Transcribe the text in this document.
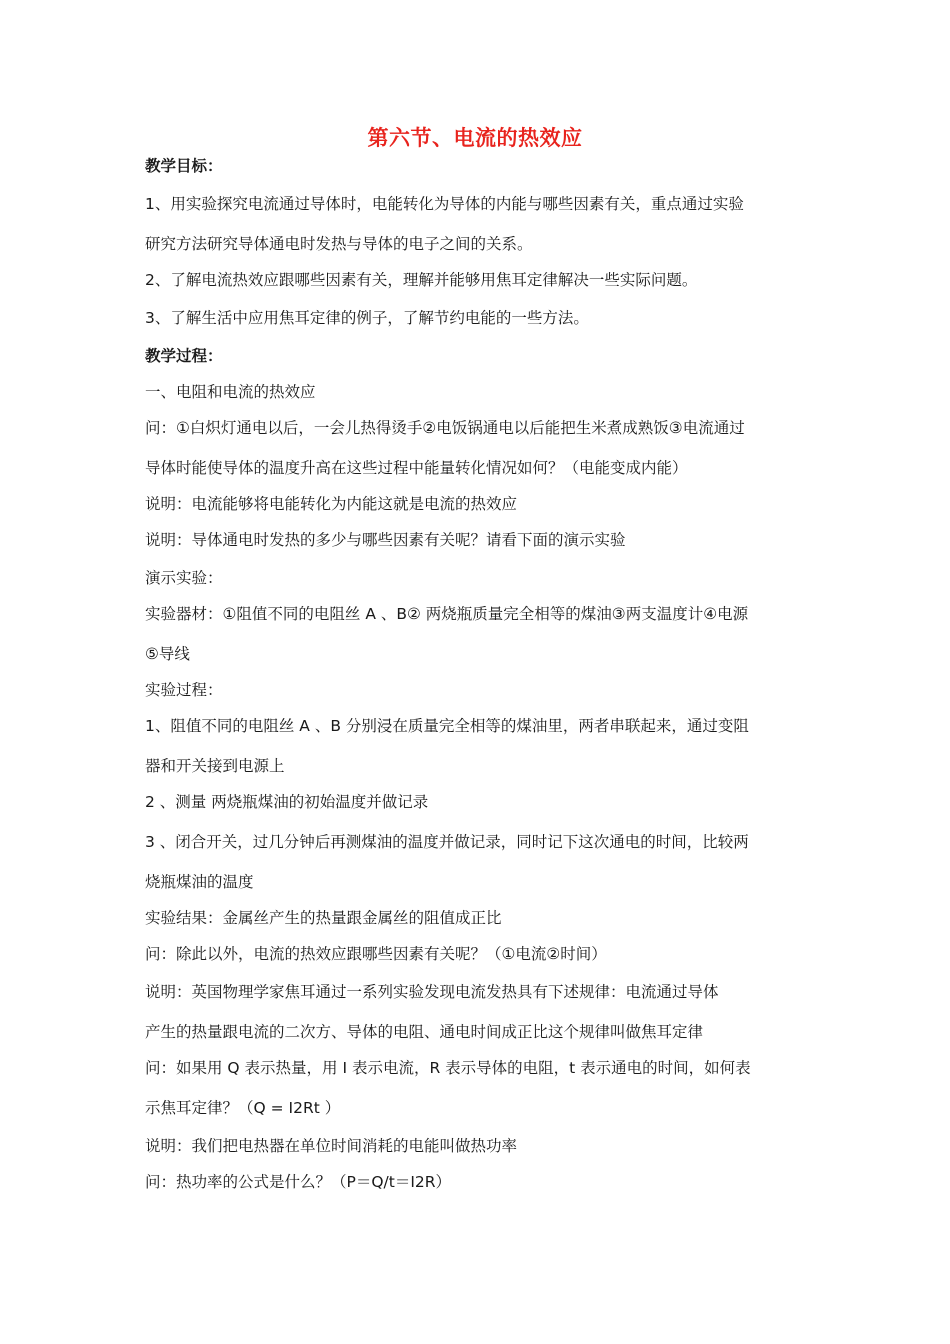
第六节、电流的热效应
教学目标：
1、用实验探究电流通过导体时，电能转化为导体的内能与哪些因素有关，重点通过实验
研究方法研究导体通电时发热与导体的电子之间的关系。
2、了解电流热效应跟哪些因素有关，理解并能够用焦耳定律解决一些实际问题。
3、了解生活中应用焦耳定律的例子，了解节约电能的一些方法。
教学过程：
一、电阻和电流的热效应
问：①白炽灯通电以后，一会儿热得烫手②电饭锅通电以后能把生米煮成熟饭③电流通过
导体时能使导体的温度升高在这些过程中能量转化情况如何？（电能变成内能）
说明：电流能够将电能转化为内能这就是电流的热效应
说明：导体通电时发热的多少与哪些因素有关呢？请看下面的演示实验
演示实验：
实验器材：①阻值不同的电阻丝 A 、B② 两烧瓶质量完全相等的煤油③两支温度计④电源
⑤导线
实验过程：
1、阻值不同的电阻丝 A 、B 分别浸在质量完全相等的煤油里，两者串联起来，通过变阻
器和开关接到电源上
2 、测量 两烧瓶煤油的初始温度并做记录
3 、闭合开关，过几分钟后再测煤油的温度并做记录，同时记下这次通电的时间，比较两
烧瓶煤油的温度
实验结果：金属丝产生的热量跟金属丝的阻值成正比
问：除此以外，电流的热效应跟哪些因素有关呢？（①电流②时间）
说明：英国物理学家焦耳通过一系列实验发现电流发热具有下述规律：电流通过导体
产生的热量跟电流的二次方、导体的电阻、通电时间成正比这个规律叫做焦耳定律
问：如果用 Q 表示热量，用 I 表示电流，R 表示导体的电阻，t 表示通电的时间，如何表
示焦耳定律？（Q = I2Rt ）
说明：我们把电热器在单位时间消耗的电能叫做热功率
问：热功率的公式是什么？（P＝Q/t＝I2R）
